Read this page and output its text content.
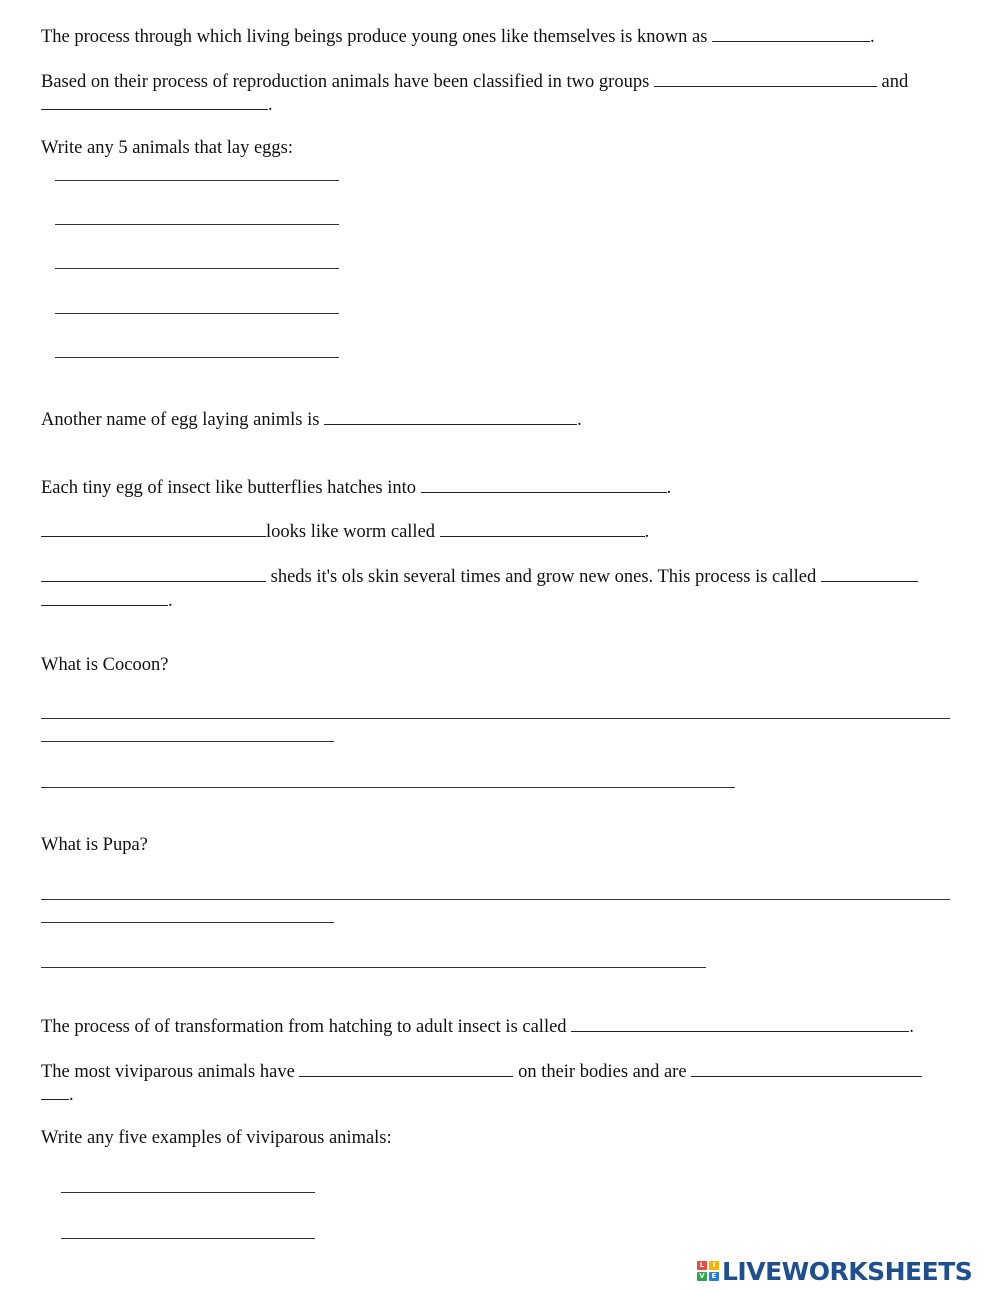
The process through which living beings produce young ones like themselves is known as	.
Based on their process of reproduction animals have been classified in two groups	and
.
Write any 5 animals that lay eggs:
Another name of egg laying animls is	.
Each tiny egg of insect like butterflies hatches into	.
looks like worm called	.
sheds it's ols skin several times and grow new ones. This process is called
.
What is Cocoon?
What is Pupa?
The process of of transformation from hatching to adult insect is called	.
The most viviparous animals have	on their bodies and are
.
Write any five examples of viviparous animals:
L	I
V E LIVEWORKSHEETS
